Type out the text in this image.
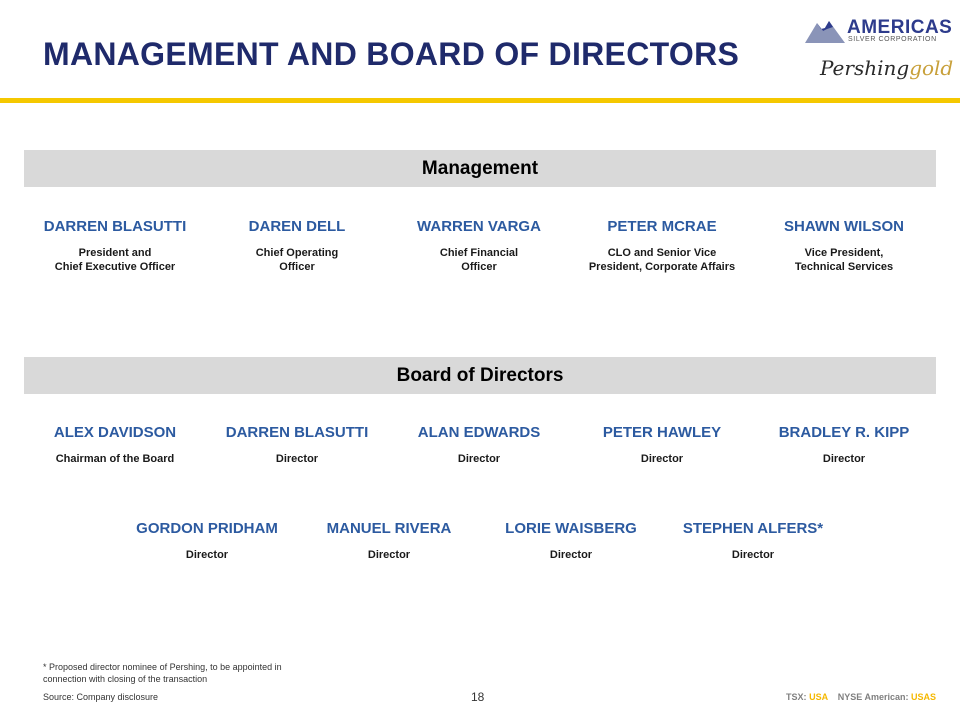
MANAGEMENT AND BOARD OF DIRECTORS
AMERICAS
SILVER CORPORATION
Pershinggold
Management
DARREN BLASUTTI
President and
Chief Executive Officer
DAREN DELL
Chief Operating
Officer
WARREN VARGA
Chief Financial
Officer
PETER MCRAE
CLO and Senior Vice
President, Corporate Affairs
SHAWN WILSON
Vice President,
Technical Services
Board of Directors
ALEX DAVIDSON
Chairman of the Board
DARREN BLASUTTI
Director
ALAN EDWARDS
Director
PETER HAWLEY
Director
BRADLEY R. KIPP
Director
GORDON PRIDHAM
Director
MANUEL RIVERA
Director
LORIE WAISBERG
Director
STEPHEN ALFERS*
Director
* Proposed director nominee of Pershing, to be appointed in
connection with closing of the transaction
Source: Company disclosure	18	TSX: USA NYSE American: USAS
